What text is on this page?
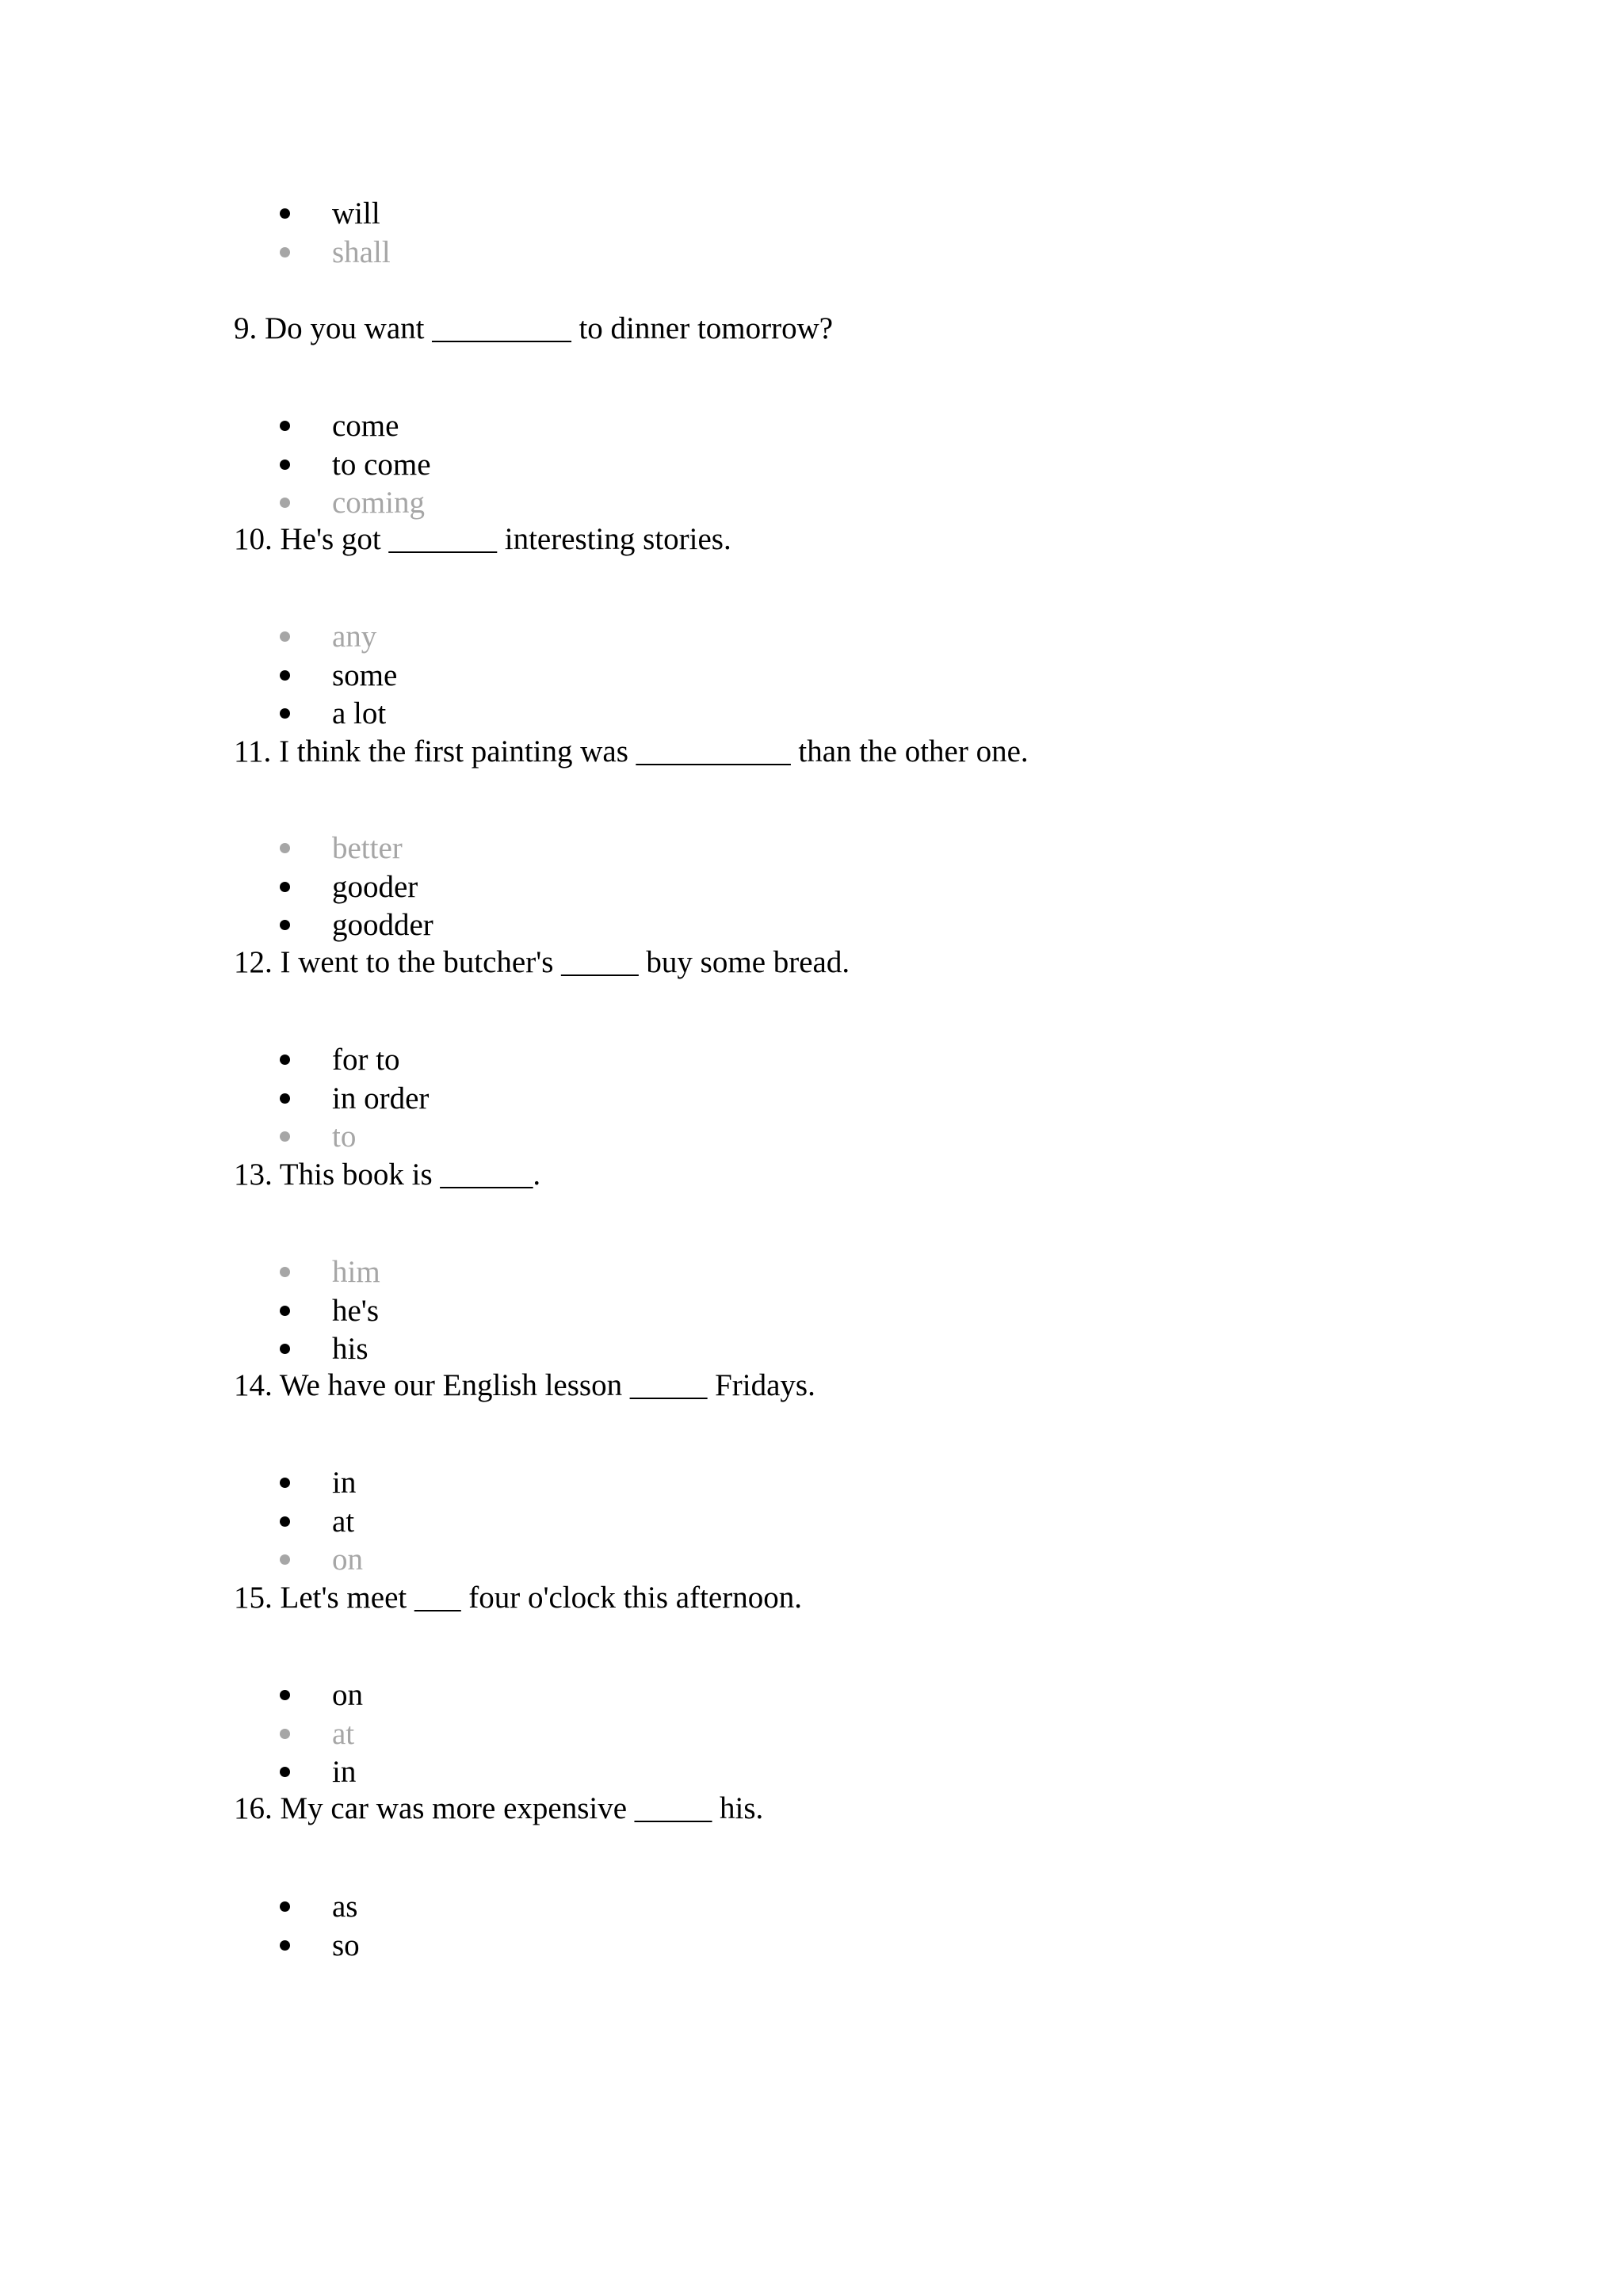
will
shall

9. Do you want _________ to dinner tomorrow?

come
to come
coming

10. He's got _______ interesting stories.

any
some
a lot

11. I think the first painting was __________ than the other one.

better
gooder
goodder

12. I went to the butcher's _____ buy some bread.

for to
in order
to

13. This book is ______.

him
he's
his

14. We have our English lesson _____ Fridays.

in
at
on

15. Let's meet ___ four o'clock this afternoon.

on
at
in

16. My car was more expensive _____ his.

as
so
